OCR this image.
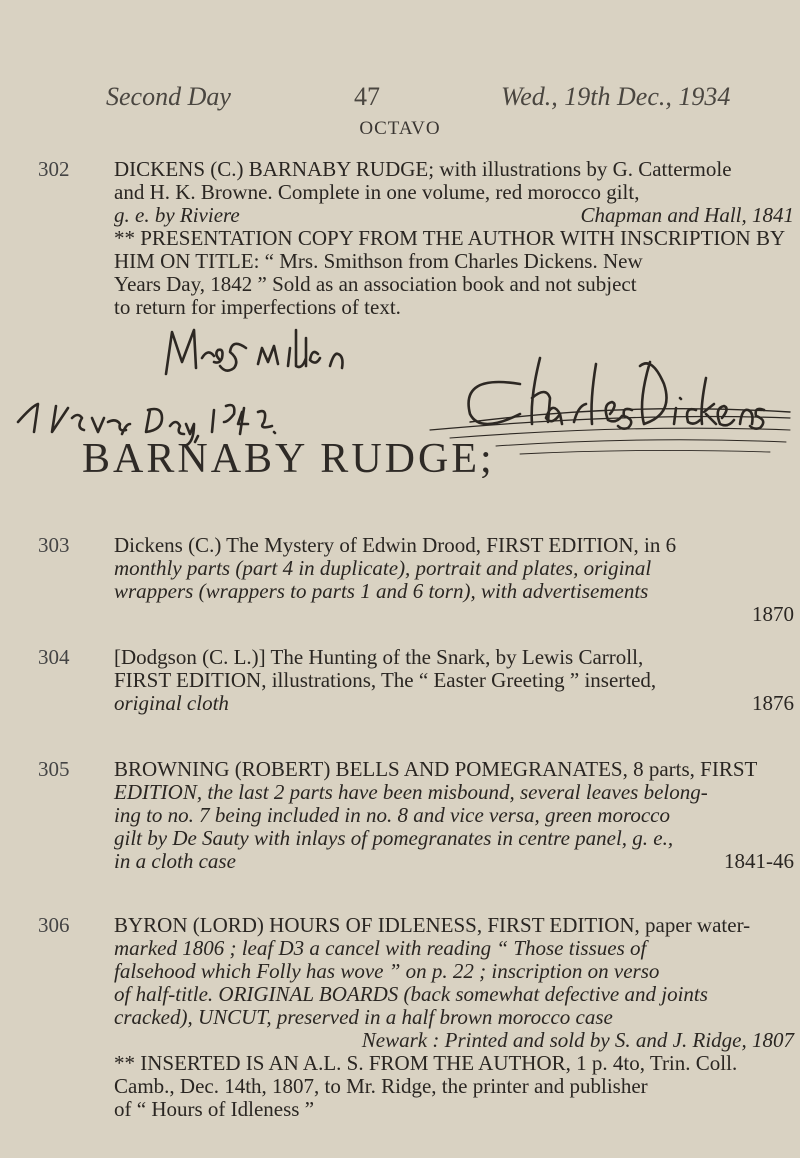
Second Day	47	Wed., 19th Dec., 1934
OCTAVO
302	DICKENS (C.) BARNABY RUDGE; with illustrations by G. Cattermole
and H. K. Browne. Complete in one volume, red morocco gilt,
g. e. by Riviere	Chapman and Hall, 1841
** PRESENTATION COPY FROM THE AUTHOR WITH INSCRIPTION BY
HIM ON TITLE: “ Mrs. Smithson from Charles Dickens. New
Years Day, 1842 ” Sold as an association book and not subject
to return for imperfections of text.
BARNABY RUDGE;
303	Dickens (C.) The Mystery of Edwin Drood, FIRST EDITION, in 6
monthly parts (part 4 in duplicate), portrait and plates, original
wrappers (wrappers to parts 1 and 6 torn), with advertisements
1870
304	[Dodgson (C. L.)] The Hunting of the Snark, by Lewis Carroll,
FIRST EDITION, illustrations, The “ Easter Greeting ” inserted,
original cloth	1876
305	BROWNING (ROBERT) BELLS AND POMEGRANATES, 8 parts, FIRST
EDITION, the last 2 parts have been misbound, several leaves belong-
ing to no. 7 being included in no. 8 and vice versa, green morocco
gilt by De Sauty with inlays of pomegranates in centre panel, g. e.,
in a cloth case	1841-46
306	BYRON (LORD) HOURS OF IDLENESS, FIRST EDITION, paper water-
marked 1806 ; leaf D3 a cancel with reading “ Those tissues of
falsehood which Folly has wove ” on p. 22 ; inscription on verso
of half-title. ORIGINAL BOARDS (back somewhat defective and joints
cracked), UNCUT, preserved in a half brown morocco case
Newark : Printed and sold by S. and J. Ridge, 1807
** INSERTED IS AN A.L. S. FROM THE AUTHOR, 1 p. 4to, Trin. Coll.
Camb., Dec. 14th, 1807, to Mr. Ridge, the printer and publisher
of “ Hours of Idleness ”
